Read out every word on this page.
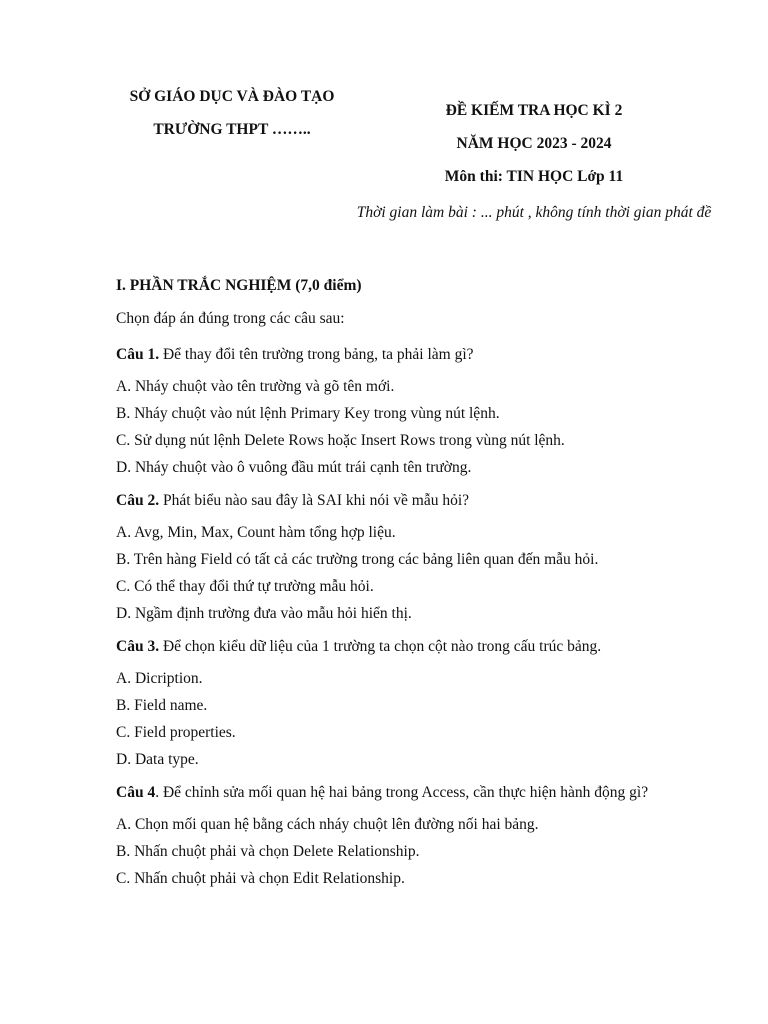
SỞ GIÁO DỤC VÀ ĐÀO TẠO
TRƯỜNG THPT ……..
ĐỀ KIẾM TRA HỌC KÌ 2
NĂM HỌC 2023 - 2024
Môn thi: TIN HỌC Lớp 11
Thời gian làm bài : ... phút , không tính thời gian phát đề
I. PHẦN TRẮC NGHIỆM (7,0 điểm)
Chọn đáp án đúng trong các câu sau:
Câu 1. Để thay đổi tên trường trong bảng, ta phải làm gì?
A. Nháy chuột vào tên trường và gõ tên mới.
B. Nháy chuột vào nút lệnh Primary Key trong vùng nút lệnh.
C. Sử dụng nút lệnh Delete Rows hoặc Insert Rows trong vùng nút lệnh.
D. Nháy chuột vào ô vuông đầu mút trái cạnh tên trường.
Câu 2. Phát biểu nào sau đây là SAI khi nói về mẫu hỏi?
A. Avg, Min, Max, Count hàm tổng hợp liệu.
B. Trên hàng Field có tất cả các trường trong các bảng liên quan đến mẫu hỏi.
C. Có thể thay đổi thứ tự trường mẫu hỏi.
D. Ngầm định trường đưa vào mẫu hỏi hiển thị.
Câu 3. Để chọn kiểu dữ liệu của 1 trường ta chọn cột nào trong cấu trúc bảng.
A. Dicription.
B. Field name.
C. Field properties.
D. Data type.
Câu 4. Để chỉnh sửa mối quan hệ hai bảng trong Access, cần thực hiện hành động gì?
A. Chọn mối quan hệ bằng cách nháy chuột lên đường nối hai bảng.
B. Nhấn chuột phải và chọn Delete Relationship.
C. Nhấn chuột phải và chọn Edit Relationship.
